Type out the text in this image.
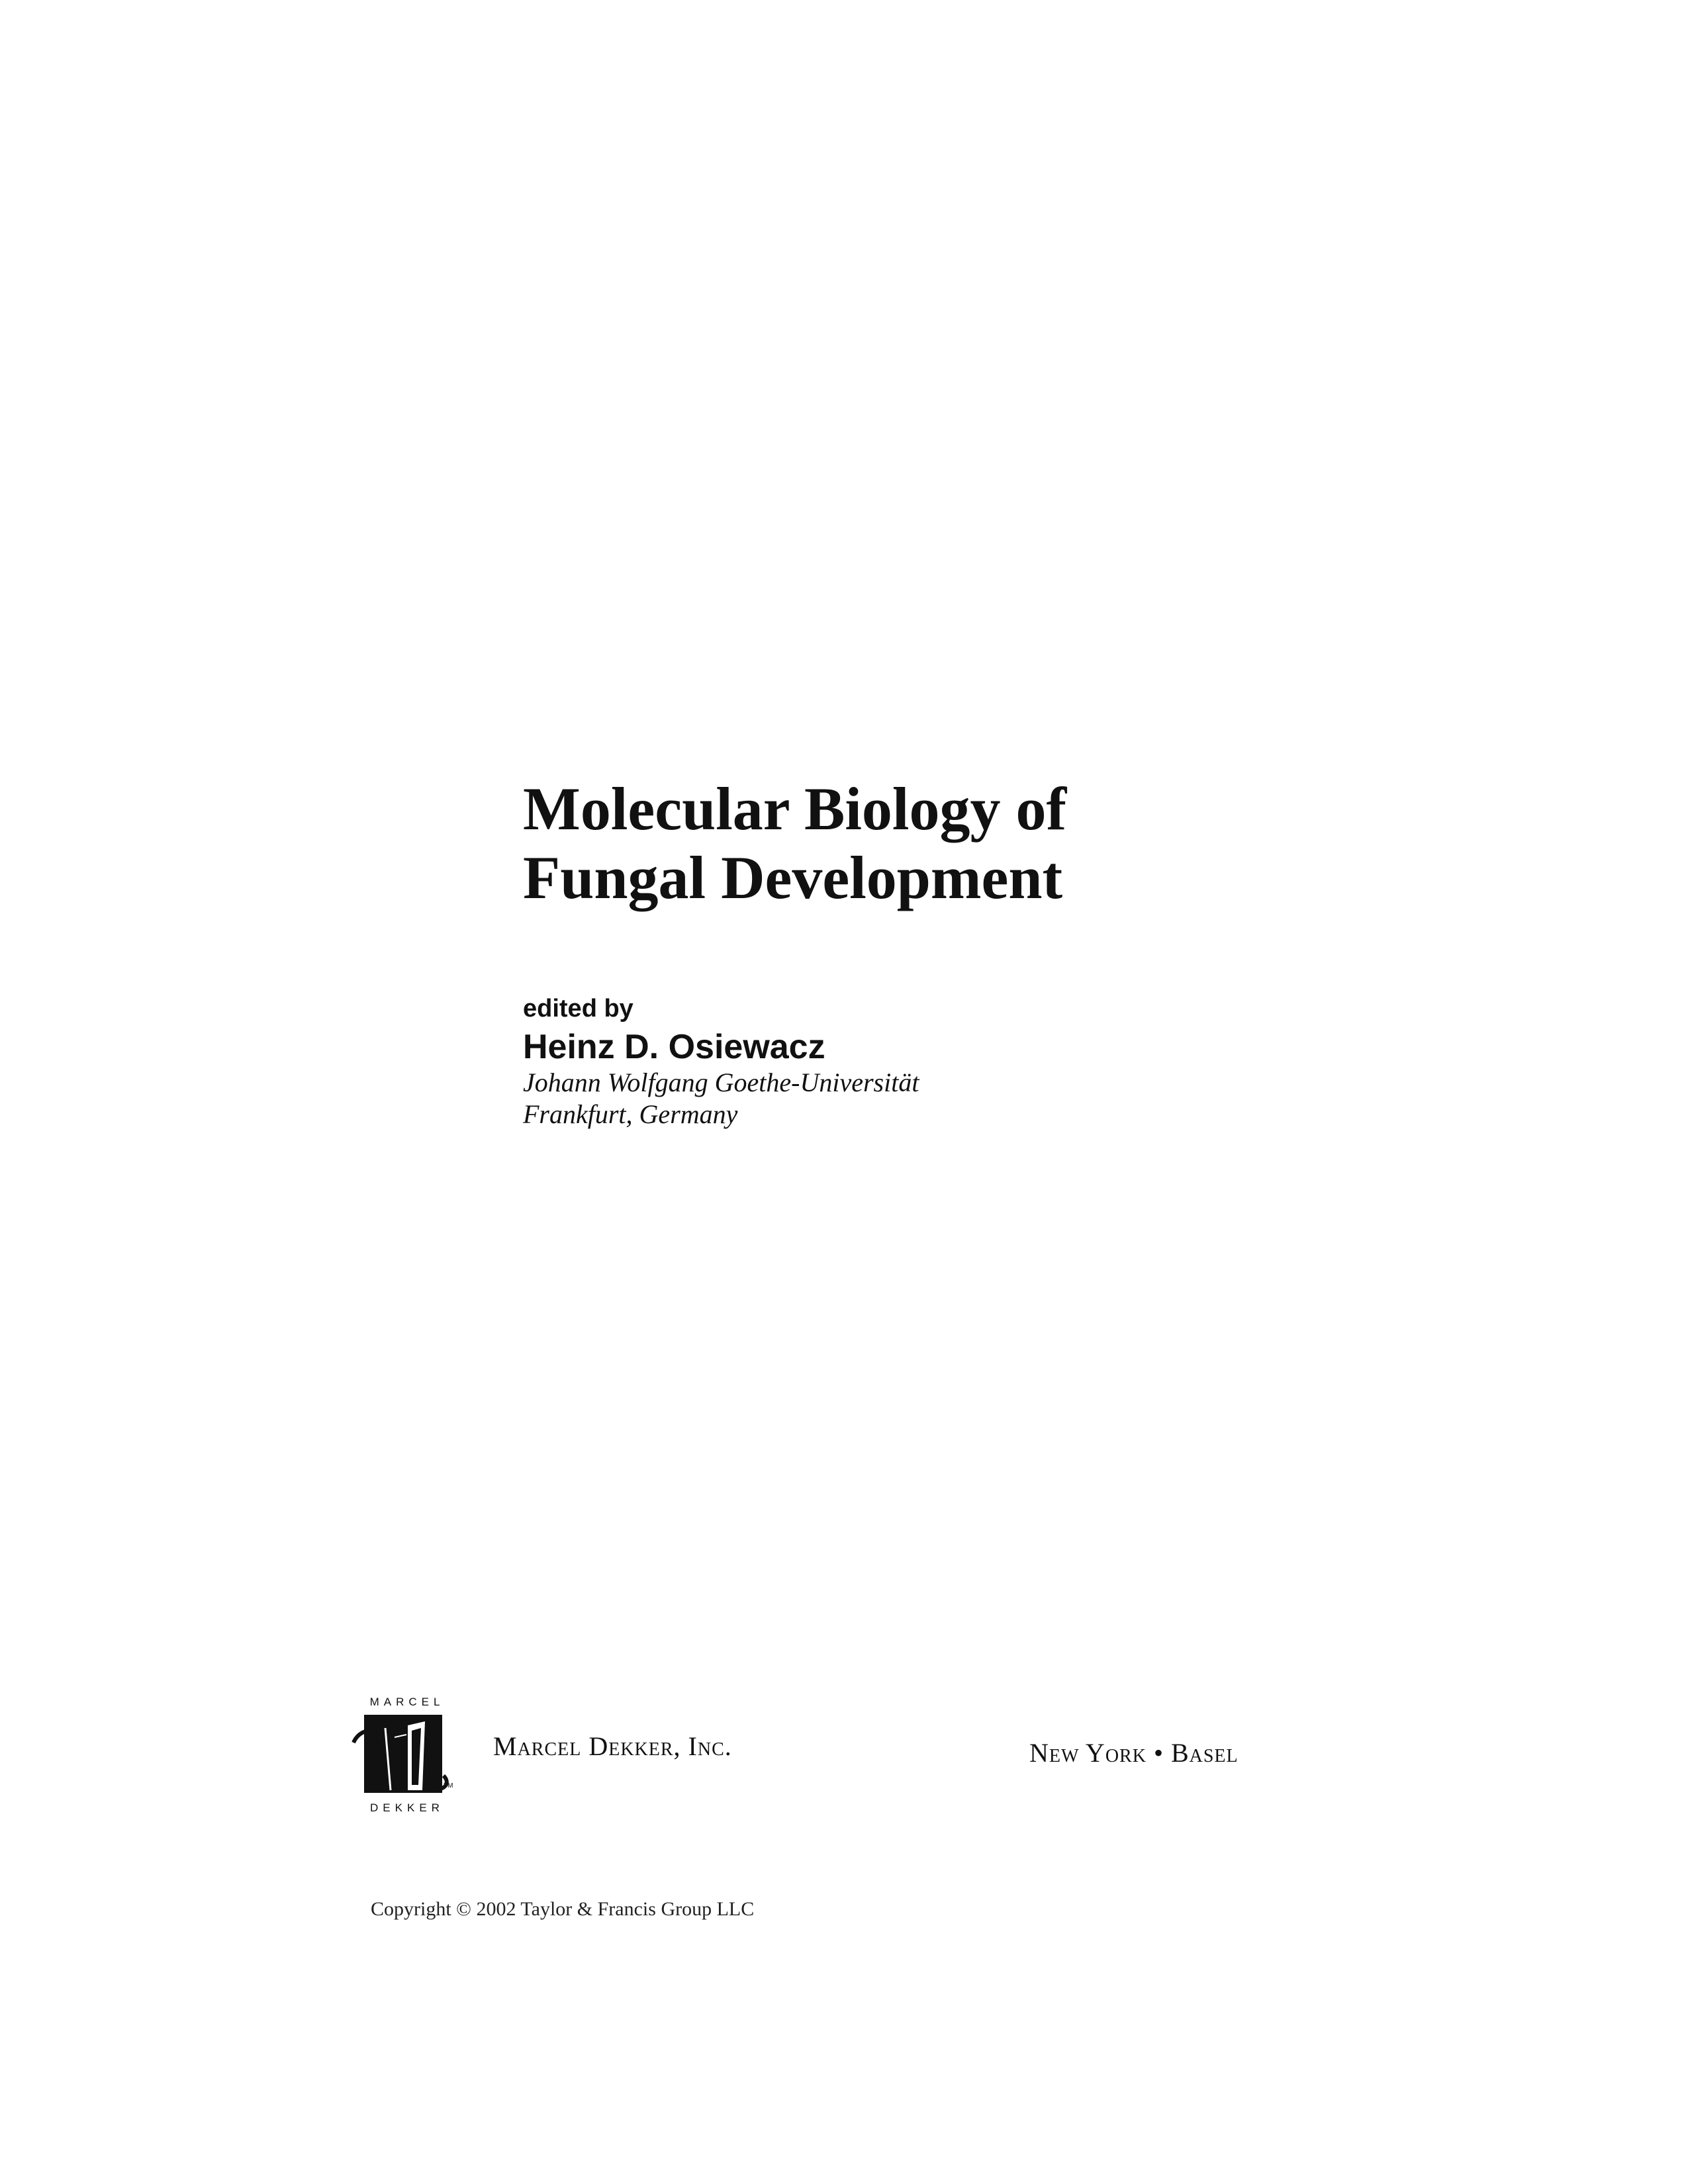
Molecular Biology of
Fungal Development
edited by
Heinz D. Osiewacz
Johann Wolfgang Goethe-Universität
Frankfurt, Germany
MARCEL
TM
DEKKER
Marcel Dekker, Inc.	New York • Basel
Copyright © 2002 Taylor & Francis Group LLC
